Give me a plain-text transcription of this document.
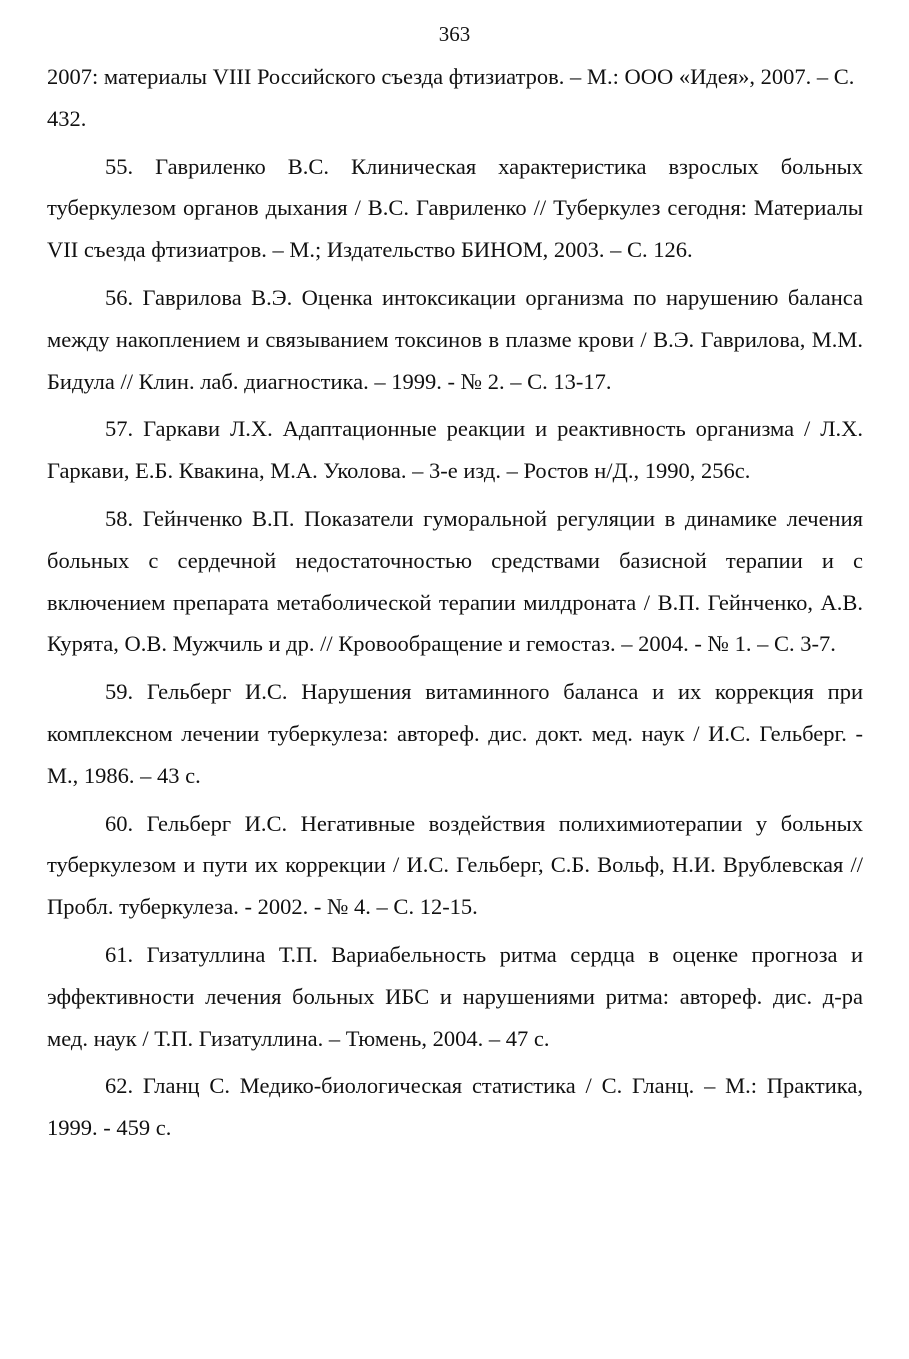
363

2007: материалы VIII Российского съезда фтизиатров. – М.: ООО «Идея», 2007. – С. 432.

55. Гавриленко В.С. Клиническая характеристика взрослых больных туберкулезом органов дыхания / В.С. Гавриленко // Туберкулез сегодня: Материалы VII съезда фтизиатров. – М.; Издательство БИНОМ, 2003. – С. 126.

56. Гаврилова В.Э. Оценка интоксикации организма по нарушению баланса между накоплением и связыванием токсинов в плазме крови / В.Э. Гаврилова, М.М. Бидула // Клин. лаб. диагностика. – 1999. - № 2. – С. 13-17.

57. Гаркави Л.Х. Адаптационные реакции и реактивность организма / Л.Х. Гаркави, Е.Б. Квакина, М.А. Уколова. – 3-е изд. – Ростов н/Д., 1990, 256с.

58. Гейнченко В.П. Показатели гуморальной регуляции в динамике лечения больных с сердечной недостаточностью средствами базисной терапии и с включением препарата метаболической терапии милдроната / В.П. Гейнченко, А.В. Курята, О.В. Мужчиль и др. // Кровообращение и гемостаз. – 2004. - № 1. – С. 3-7.

59. Гельберг И.С. Нарушения витаминного баланса и их коррекция при комплексном лечении туберкулеза: автореф. дис. докт. мед. наук / И.С. Гельберг. - М., 1986. – 43 с.

60. Гельберг И.С. Негативные воздействия полихимиотерапии у больных туберкулезом и пути их коррекции / И.С. Гельберг, С.Б. Вольф, Н.И. Врублевская // Пробл. туберкулеза. - 2002. - № 4. – С. 12-15.

61. Гизатуллина Т.П. Вариабельность ритма сердца в оценке прогноза и эффективности лечения больных ИБС и нарушениями ритма: автореф. дис. д-ра мед. наук / Т.П. Гизатуллина. – Тюмень, 2004. – 47 с.

62. Гланц С. Медико-биологическая статистика / С. Гланц. – М.: Практика, 1999. - 459 с.
